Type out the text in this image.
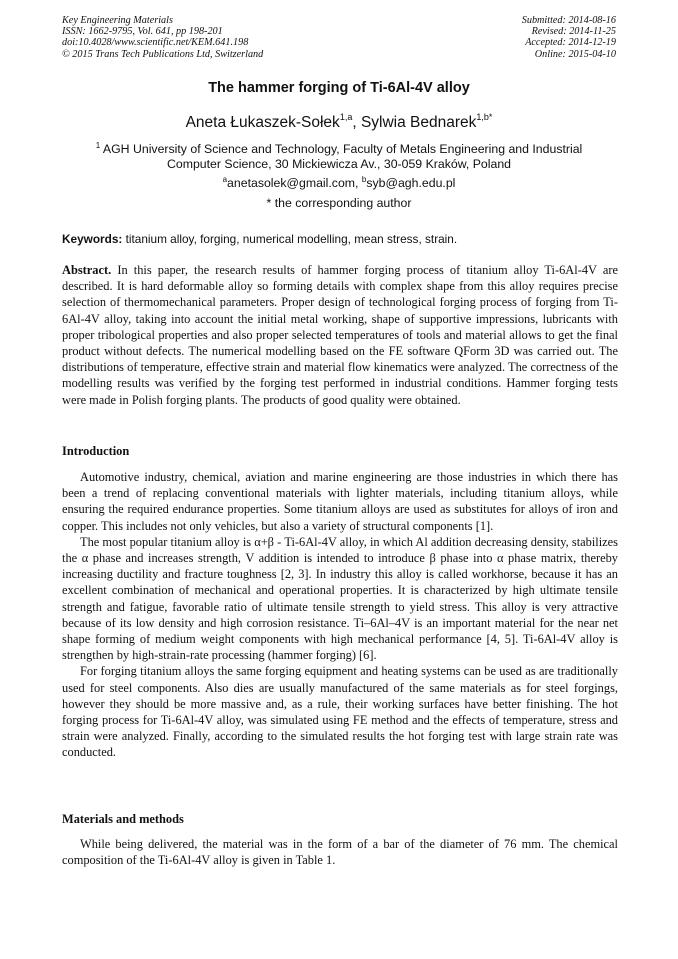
Key Engineering Materials
ISSN: 1662-9795, Vol. 641, pp 198-201
doi:10.4028/www.scientific.net/KEM.641.198
© 2015 Trans Tech Publications Ltd, Switzerland
Submitted: 2014-08-16
Revised: 2014-11-25
Accepted: 2014-12-19
Online: 2015-04-10
The hammer forging of Ti-6Al-4V alloy
Aneta Łukaszek-Sołek$^{1,a}$, Sylwia Bednarek$^{1,b*}$
$^1$ AGH University of Science and Technology, Faculty of Metals Engineering and Industrial Computer Science, 30 Mickiewicza Av., 30-059 Kraków, Poland
$^a$anetasolek@gmail.com, $^b$syb@agh.edu.pl
* the corresponding author
Keywords: titanium alloy, forging, numerical modelling, mean stress, strain.
Abstract. In this paper, the research results of hammer forging process of titanium alloy Ti-6Al-4V are described. It is hard deformable alloy so forming details with complex shape from this alloy requires precise selection of thermomechanical parameters. Proper design of technological forging process of forging from Ti-6Al-4V alloy, taking into account the initial metal working, shape of supportive impressions, lubricants with proper tribological properties and also proper selected temperatures of tools and material allows to get the final product without defects. The numerical modelling based on the FE software QForm 3D was carried out. The distributions of temperature, effective strain and material flow kinematics were analyzed. The correctness of the modelling results was verified by the forging test performed in industrial conditions. Hammer forging tests were made in Polish forging plants. The products of good quality were obtained.
Introduction

Automotive industry, chemical, aviation and marine engineering are those industries in which there has been a trend of replacing conventional materials with lighter materials, including titanium alloys, while ensuring the required endurance properties. Some titanium alloys are used as substitutes for alloys of iron and copper. This includes not only vehicles, but also a variety of structural components [1].

The most popular titanium alloy is α+β - Ti-6Al-4V alloy, in which Al addition decreasing density, stabilizes the α phase and increases strength, V addition is intended to introduce β phase into α phase matrix, thereby increasing ductility and fracture toughness [2, 3]. In industry this alloy is called workhorse, because it has an excellent combination of mechanical and operational properties. It is characterized by high ultimate tensile strength and fatigue, favorable ratio of ultimate tensile strength to yield stress. This alloy is very attractive because of its low density and high corrosion resistance. Ti–6Al–4V is an important material for the near net shape forming of medium weight components with high mechanical performance [4, 5]. Ti-6Al-4V alloy is strengthen by high-strain-rate processing (hammer forging) [6].

For forging titanium alloys the same forging equipment and heating systems can be used as are traditionally used for steel components. Also dies are usually manufactured of the same materials as for steel forgings, however they should be more massive and, as a rule, their working surfaces have better finishing. The hot forging process for Ti-6Al-4V alloy, was simulated using FE method and the effects of temperature, stress and strain were analyzed. Finally, according to the simulated results the hot forging test with large strain rate was conducted.

Materials and methods

While being delivered, the material was in the form of a bar of the diameter of 76 mm. The chemical composition of the Ti-6Al-4V alloy is given in Table 1.
